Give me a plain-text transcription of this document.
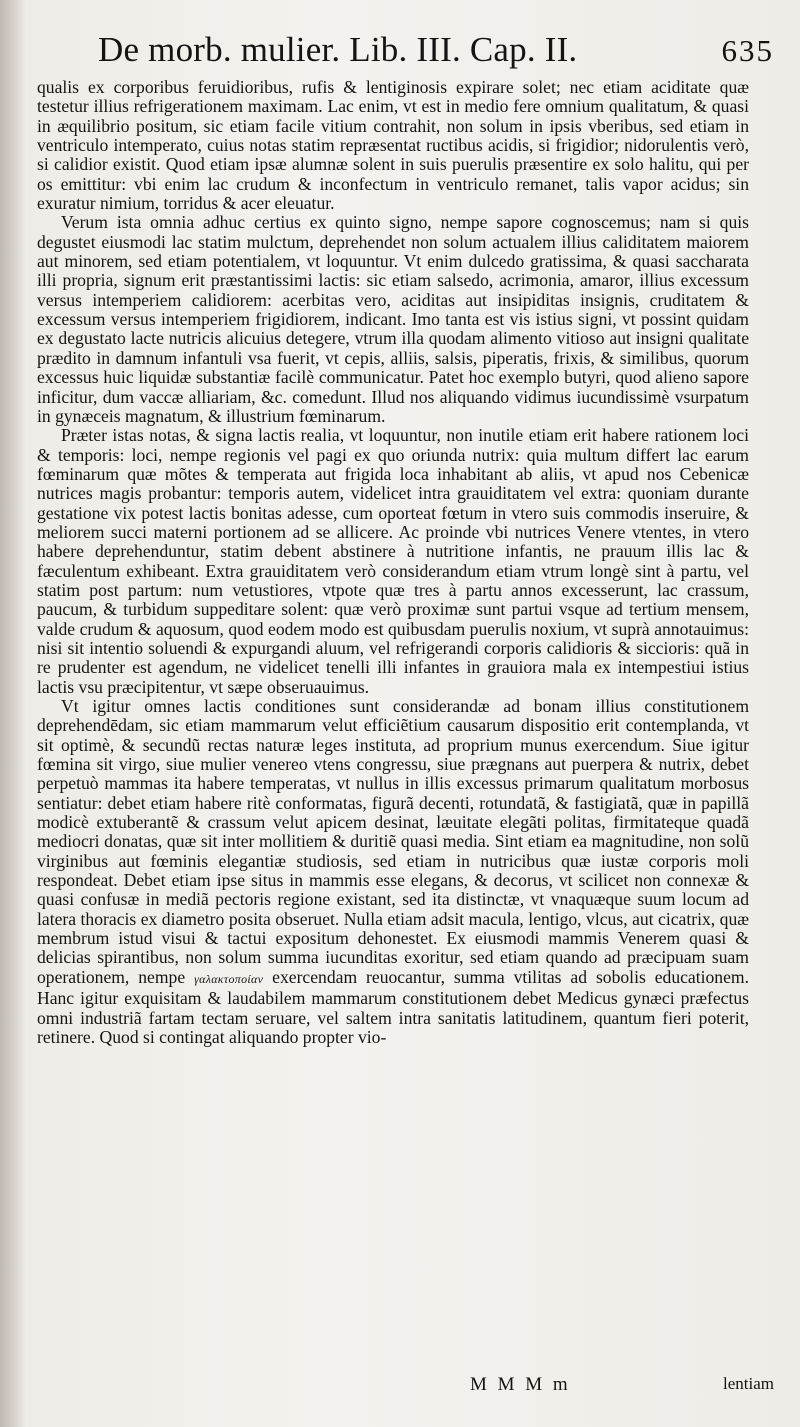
De morb. mulier. Lib. III. Cap. II.	635

qualis ex corporibus feruidioribus, rufis & lentiginosis expirare solet; nec etiam aciditate quæ testetur illius refrigerationem maximam. Lac enim, vt est in medio fere omnium qualitatum, & quasi in æquilibrio positum, sic etiam facile vitium contrahit, non solum in ipsis vberibus, sed etiam in ventriculo intemperato, cuius notas statim repræsentat ructibus acidis, si frigidior; nidorulentis verò, si calidior existit. Quod etiam ipsæ alumnæ solent in suis puerulis præsentire ex solo halitu, qui per os emittitur: vbi enim lac crudum & inconfectum in ventriculo remanet, talis vapor acidus; sin exuratur nimium, torridus & acer eleuatur.

Verum ista omnia adhuc certius ex quinto signo, nempe sapore cognoscemus; nam si quis degustet eiusmodi lac statim mulctum, deprehendet non solum actualem illius caliditatem maiorem aut minorem, sed etiam potentialem, vt loquuntur. Vt enim dulcedo gratissima, & quasi saccharata illi propria, signum erit præstantissimi lactis: sic etiam salsedo, acrimonia, amaror, illius excessum versus intemperiem calidiorem: acerbitas vero, aciditas aut insipiditas insignis, cruditatem & excessum versus intemperiem frigidiorem, indicant. Imo tanta est vis istius signi, vt possint quidam ex degustato lacte nutricis alicuius detegere, vtrum illa quodam alimento vitioso aut insigni qualitate prædito in damnum infantuli vsa fuerit, vt cepis, alliis, salsis, piperatis, frixis, & similibus, quorum excessus huic liquidæ substantiæ facilè communicatur. Patet hoc exemplo butyri, quod alieno sapore inficitur, dum vaccæ alliariam, &c. comedunt. Illud nos aliquando vidimus iucundissimè vsurpatum in gynæceis magnatum, & illustrium fœminarum.

Præter istas notas, & signa lactis realia, vt loquuntur, non inutile etiam erit habere rationem loci & temporis: loci, nempe regionis vel pagi ex quo oriunda nutrix: quia multum differt lac earum fœminarum quæ mõtes & temperata aut frigida loca inhabitant ab aliis, vt apud nos Cebenicæ nutrices magis probantur: temporis autem, videlicet intra grauiditatem vel extra: quoniam durante gestatione vix potest lactis bonitas adesse, cum oporteat fœtum in vtero suis commodis inseruire, & meliorem succi materni portionem ad se allicere. Ac proinde vbi nutrices Venere vtentes, in vtero habere deprehenduntur, statim debent abstinere à nutritione infantis, ne prauum illis lac & fæculentum exhibeant. Extra grauiditatem verò considerandum etiam vtrum longè sint à partu, vel statim post partum: num vetustiores, vtpote quæ tres à partu annos excesserunt, lac crassum, paucum, & turbidum suppeditare solent: quæ verò proximæ sunt partui vsque ad tertium mensem, valde crudum & aquosum, quod eodem modo est quibusdam puerulis noxium, vt suprà annotauimus: nisi sit intentio soluendi & expurgandi aluum, vel refrigerandi corporis calidioris & siccioris: quã in re prudenter est agendum, ne videlicet tenelli illi infantes in grauiora mala ex intempestiui istius lactis vsu præcipitentur, vt sæpe obseruauimus.

Vt igitur omnes lactis conditiones sunt considerandæ ad bonam illius constitutionem deprehendēdam, sic etiam mammarum velut efficiẽtium causarum dispositio erit contemplanda, vt sit optimè, & secundũ rectas naturæ leges instituta, ad proprium munus exercendum. Siue igitur fœmina sit virgo, siue mulier venereo vtens congressu, siue prægnans aut puerpera & nutrix, debet perpetuò mammas ita habere temperatas, vt nullus in illis excessus primarum qualitatum morbosus sentiatur: debet etiam habere ritè conformatas, figurã decenti, rotundatã, & fastigiatã, quæ in papillã modicè extuberantẽ & crassum velut apicem desinat, læuitate elegãti politas, firmitateque quadã mediocri donatas, quæ sit inter mollitiem & duritiẽ quasi media. Sint etiam ea magnitudine, non solũ virginibus aut fœminis elegantiæ studiosis, sed etiam in nutricibus quæ iustæ corporis moli respondeat. Debet etiam ipse situs in mammis esse elegans, & decorus, vt scilicet non connexæ & quasi confusæ in mediã pectoris regione existant, sed ita distinctæ, vt vnaquæque suum locum ad latera thoracis ex diametro posita obseruet. Nulla etiam adsit macula, lentigo, vlcus, aut cicatrix, quæ membrum istud visui & tactui expositum dehonestet. Ex eiusmodi mammis Venerem quasi & delicias spirantibus, non solum summa iucunditas exoritur, sed etiam quando ad præcipuam suam operationem, nempe γαλακτοποίαν exercendam reuocantur, summa vtilitas ad sobolis educationem. Hanc igitur exquisitam & laudabilem mammarum constitutionem debet Medicus gynæci præfectus omni industriã fartam tectam seruare, vel saltem intra sanitatis latitudinem, quantum fieri poterit, retinere. Quod si contingat aliquando propter vio-

M M M m	lentiam
